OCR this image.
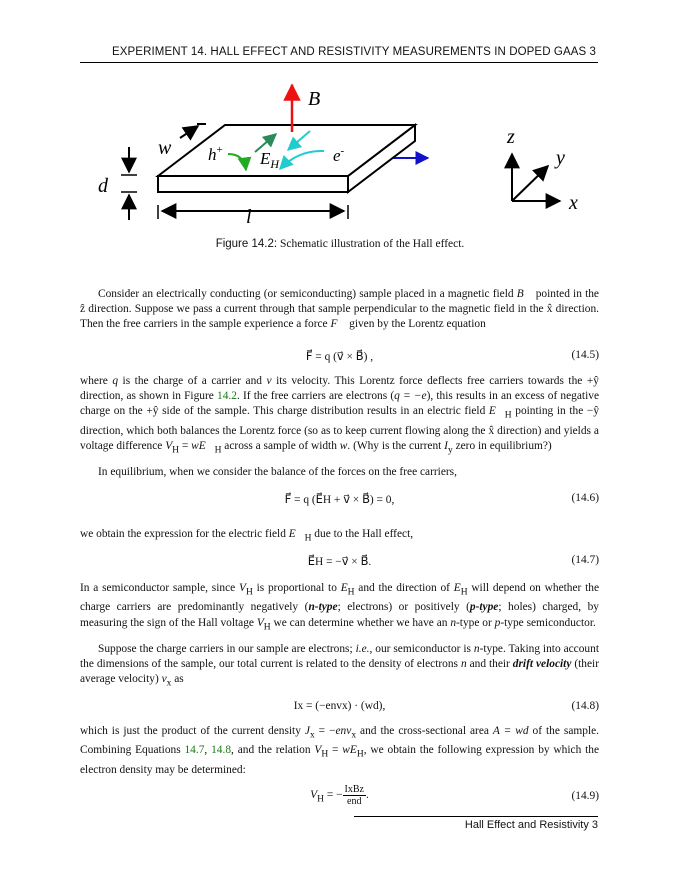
EXPERIMENT 14. HALL EFFECT AND RESISTIVITY MEASUREMENTS IN DOPED GAAS 3
B
h+ $E_H$	e-
w
d
l
z
y
x
Figure 14.2: Schematic illustration of the Hall effect.
Consider an electrically conducting (or semiconducting) sample placed in a magnetic field B⃗ pointed in the ẑ direction. Suppose we pass a current through that sample perpendicular to the magnetic field in the x̂ direction. Then the free carriers in the sample experience a force F⃗ given by the Lorentz equation
F⃗ = q (v⃗ × B⃗) ,	(14.5)
where q is the charge of a carrier and v its velocity. This Lorentz force deflects free carriers towards the +ŷ direction, as shown in Figure 14.2. If the free carriers are electrons (q = −e), this results in an excess of negative charge on the +ŷ side of the sample. This charge distribution results in an electric field $E⃗_H$ pointing in the −ŷ direction, which both balances the Lorentz force (so as to keep current flowing along the x̂ direction) and yields a voltage difference $V_H$ = $wE⃗_H$ across a sample of width w. (Why is the current $I_y$ zero in equilibrium?)
In equilibrium, when we consider the balance of the forces on the free carriers,
F⃗ = q (E⃗H + v⃗ × B⃗) = 0,	(14.6)
we obtain the expression for the electric field $E⃗_H$ due to the Hall effect,
E⃗H = −v⃗ × B⃗.	(14.7)
In a semiconductor sample, since $V_H$ is proportional to $E_H$ and the direction of $E_H$ will depend on whether the charge carriers are predominantly negatively (n-type; electrons) or positively (p-type; holes) charged, by measuring the sign of the Hall voltage $V_H$ we can determine whether we have an n-type or p-type semiconductor.
Suppose the charge carriers in our sample are electrons; i.e., our semiconductor is n-type. Taking into account the dimensions of the sample, our total current is related to the density of electrons n and their drift velocity (their average velocity) $v_x$ as
Ix = (−envx) · (wd),	(14.8)
which is just the product of the current density $J_x = -env_x$ and the cross-sectional area A = wd of the sample. Combining Equations 14.7, 14.8, and the relation $V_H = wE_H$, we obtain the following expression by which the electron density may be determined:
$V_H$ = − $\frac{\text{IxBz}}{\text{end}}$ .	(14.9)
Hall Effect and Resistivity 3
